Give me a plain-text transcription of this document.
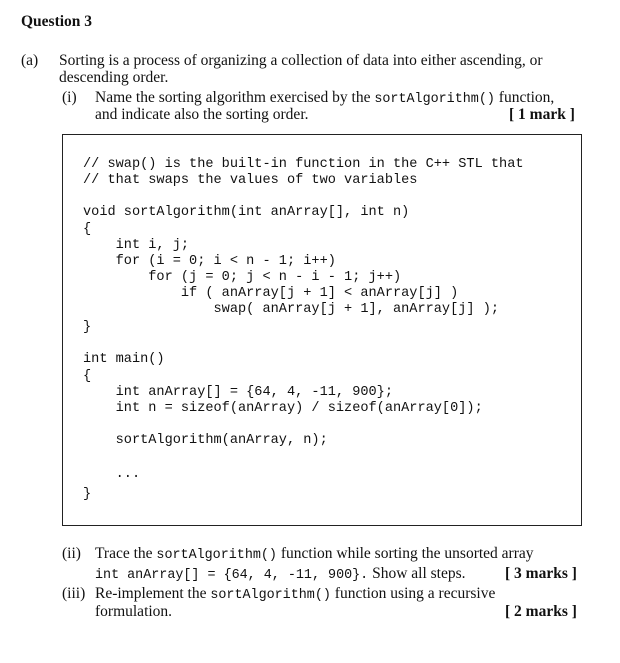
Question 3
(a) Sorting is a process of organizing a collection of data into either ascending, or
descending order.
(i) Name the sorting algorithm exercised by the sortAlgorithm() function,
and indicate also the sorting order.	[ 1 mark ]
// swap() is the built-in function in the C++ STL that
// that swaps the values of two variables
void sortAlgorithm(int anArray[], int n)
{
int i, j;
for (i = 0; i < n - 1; i++)
for (j = 0; j < n - i - 1; j++)
if ( anArray[j + 1] < anArray[j] )
swap( anArray[j + 1], anArray[j] );
}
int main()
{
int anArray[] = {64, 4, -11, 900};
int n = sizeof(anArray) / sizeof(anArray[0]);
sortAlgorithm(anArray, n);
...
}
(ii) Trace the sortAlgorithm() function while sorting the unsorted array
int anArray[] = {64, 4, -11, 900}. Show all steps.	[ 3 marks ]
(iii) Re-implement the sortAlgorithm() function using a recursive
formulation.	[ 2 marks ]
